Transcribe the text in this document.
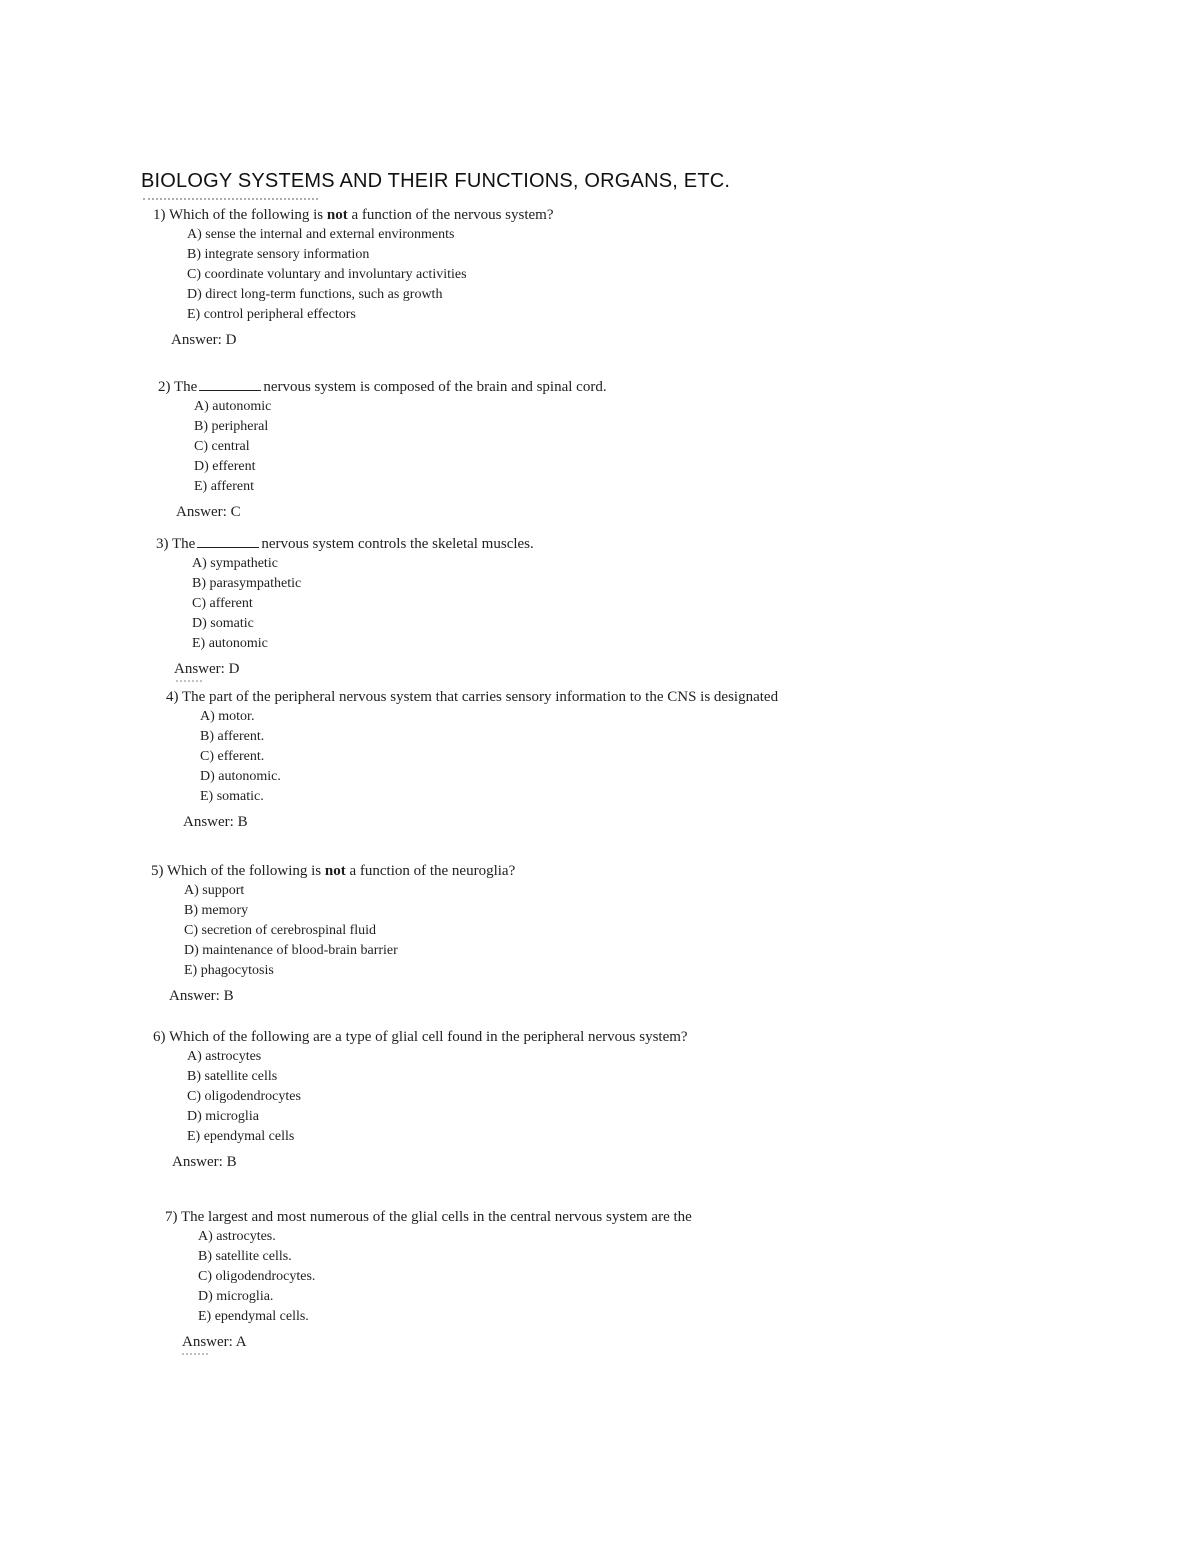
BIOLOGY SYSTEMS AND THEIR FUNCTIONS, ORGANS, ETC.
1) Which of the following is not a function of the nervous system?
A) sense the internal and external environments
B) integrate sensory information
C) coordinate voluntary and involuntary activities
D) direct long-term functions, such as growth
E) control peripheral effectors
Answer: D
2) The	nervous system is composed of the brain and spinal cord.
A) autonomic
B) peripheral
C) central
D) efferent
E) afferent
Answer: C
3) The	nervous system controls the skeletal muscles.
A) sympathetic
B) parasympathetic
C) afferent
D) somatic
E) autonomic
Answer: D
4) The part of the peripheral nervous system that carries sensory information to the CNS is designated
A) motor.
B) afferent.
C) efferent.
D) autonomic.
E) somatic.
Answer: B
5) Which of the following is not a function of the neuroglia?
A) support
B) memory
C) secretion of cerebrospinal fluid
D) maintenance of blood-brain barrier
E) phagocytosis
Answer: B
6) Which of the following are a type of glial cell found in the peripheral nervous system?
A) astrocytes
B) satellite cells
C) oligodendrocytes
D) microglia
E) ependymal cells
Answer: B
7) The largest and most numerous of the glial cells in the central nervous system are the
A) astrocytes.
B) satellite cells.
C) oligodendrocytes.
D) microglia.
E) ependymal cells.
Answer: A
